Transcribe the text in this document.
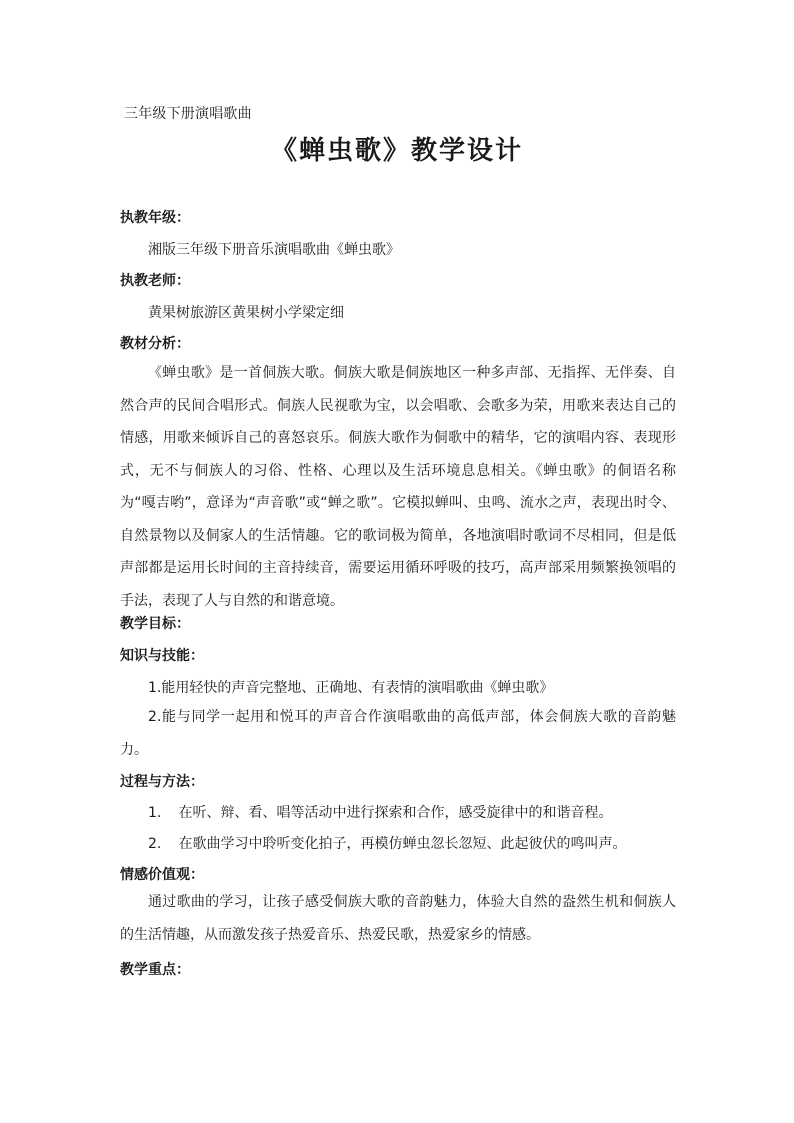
三年级下册演唱歌曲
《蝉虫歌》教学设计
执教年级：
湘版三年级下册音乐演唱歌曲《蝉虫歌》
执教老师：
黄果树旅游区黄果树小学梁定细
教材分析：

《蝉虫歌》是一首侗族大歌。侗族大歌是侗族地区一种多声部、无指挥、无伴奏、自然合声的民间合唱形式。侗族人民视歌为宝，以会唱歌、会歌多为荣，用歌来表达自己的情感，用歌来倾诉自己的喜怒哀乐。侗族大歌作为侗歌中的精华，它的演唱内容、表现形式，无不与侗族人的习俗、性格、心理以及生活环境息息相关。《蝉虫歌》的侗语名称为“嘎吉哟”，意译为“声音歌”或“蝉之歌”。它模拟蝉叫、虫鸣、流水之声，表现出时令、自然景物以及侗家人的生活情趣。它的歌词极为简单，各地演唱时歌词不尽相同，但是低声部都是运用长时间的主音持续音，需要运用循环呼吸的技巧，高声部采用频繁换领唱的手法，表现了人与自然的和谐意境。

教学目标：
知识与技能：
1.能用轻快的声音完整地、正确地、有表情的演唱歌曲《蝉虫歌》

2.能与同学一起用和悦耳的声音合作演唱歌曲的高低声部，体会侗族大歌的音韵魅力。

过程与方法：
1. 在听、辩、看、唱等活动中进行探索和合作，感受旋律中的和谐音程。
2. 在歌曲学习中聆听变化拍子，再模仿蝉虫忽长忽短、此起彼伏的鸣叫声。
情感价值观：

通过歌曲的学习，让孩子感受侗族大歌的音韵魅力，体验大自然的盎然生机和侗族人的生活情趣，从而激发孩子热爱音乐、热爱民歌，热爱家乡的情感。

教学重点：
